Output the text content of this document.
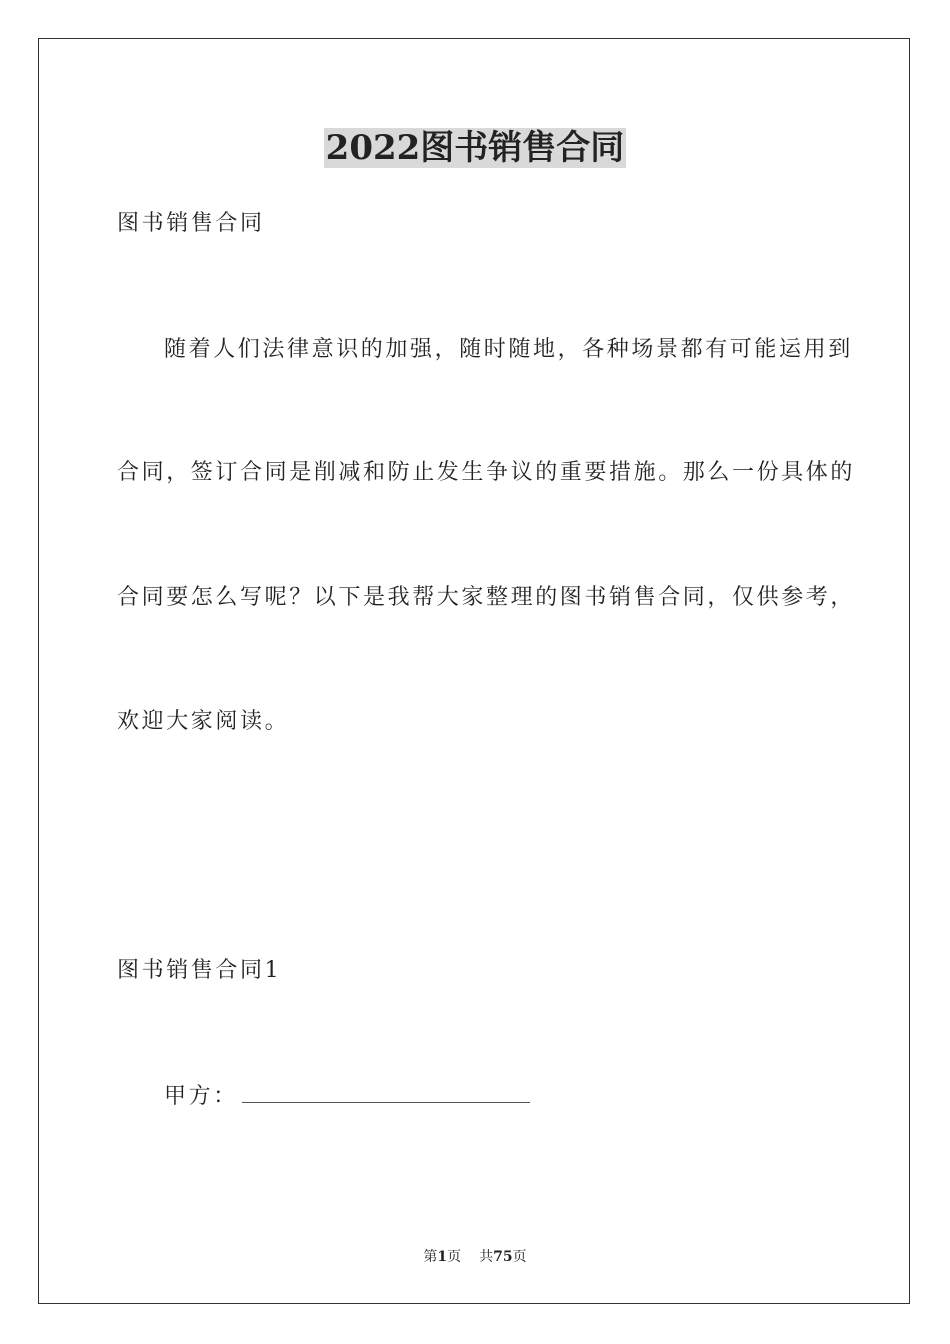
2022图书销售合同
图书销售合同
随着人们法律意识的加强，随时随地，各种场景都有可能运用到
合同，签订合同是削减和防止发生争议的重要措施。那么一份具体的
合同要怎么写呢？以下是我帮大家整理的图书销售合同，仅供参考，
欢迎大家阅读。
图书销售合同1
甲方：
第1页 共75页
